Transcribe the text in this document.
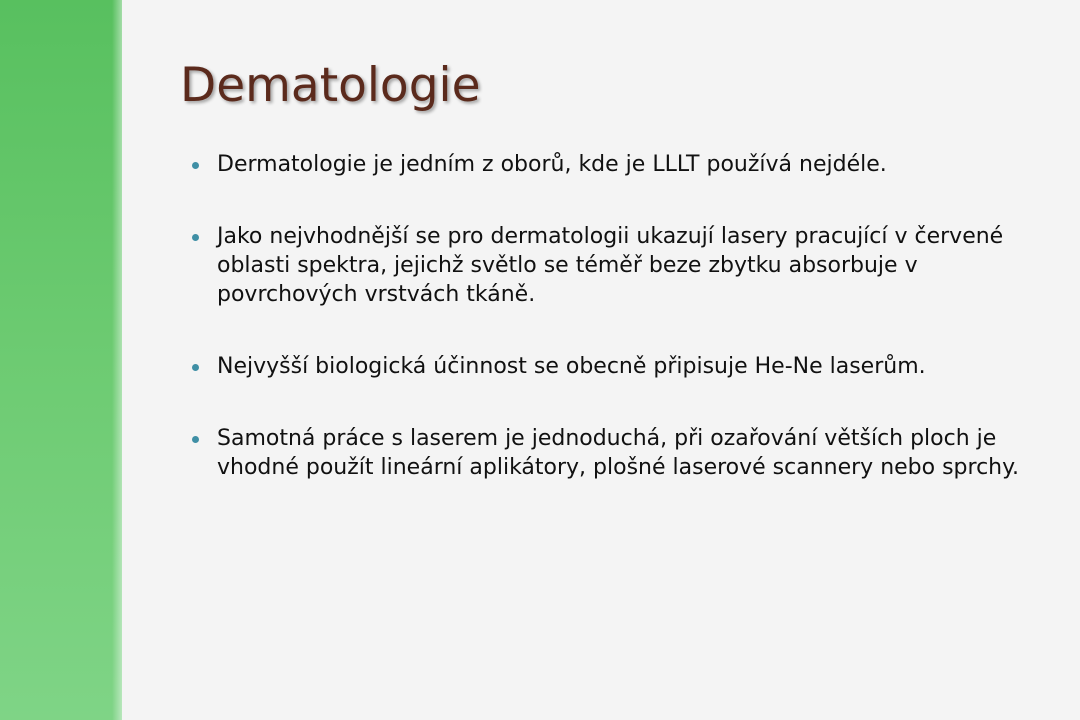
Dematologie
Dermatologie je jedním z oborů, kde je LLLT používá nejdéle.
Jako nejvhodnější se pro dermatologii ukazují lasery pracující v červené oblasti spektra, jejichž světlo se téměř beze zbytku absorbuje v povrchových vrstvách tkáně.
Nejvyšší biologická účinnost se obecně připisuje He-Ne laserům.
Samotná práce s laserem je jednoduchá, při ozařování větších ploch je vhodné použít lineární aplikátory, plošné laserové scannery nebo sprchy.
